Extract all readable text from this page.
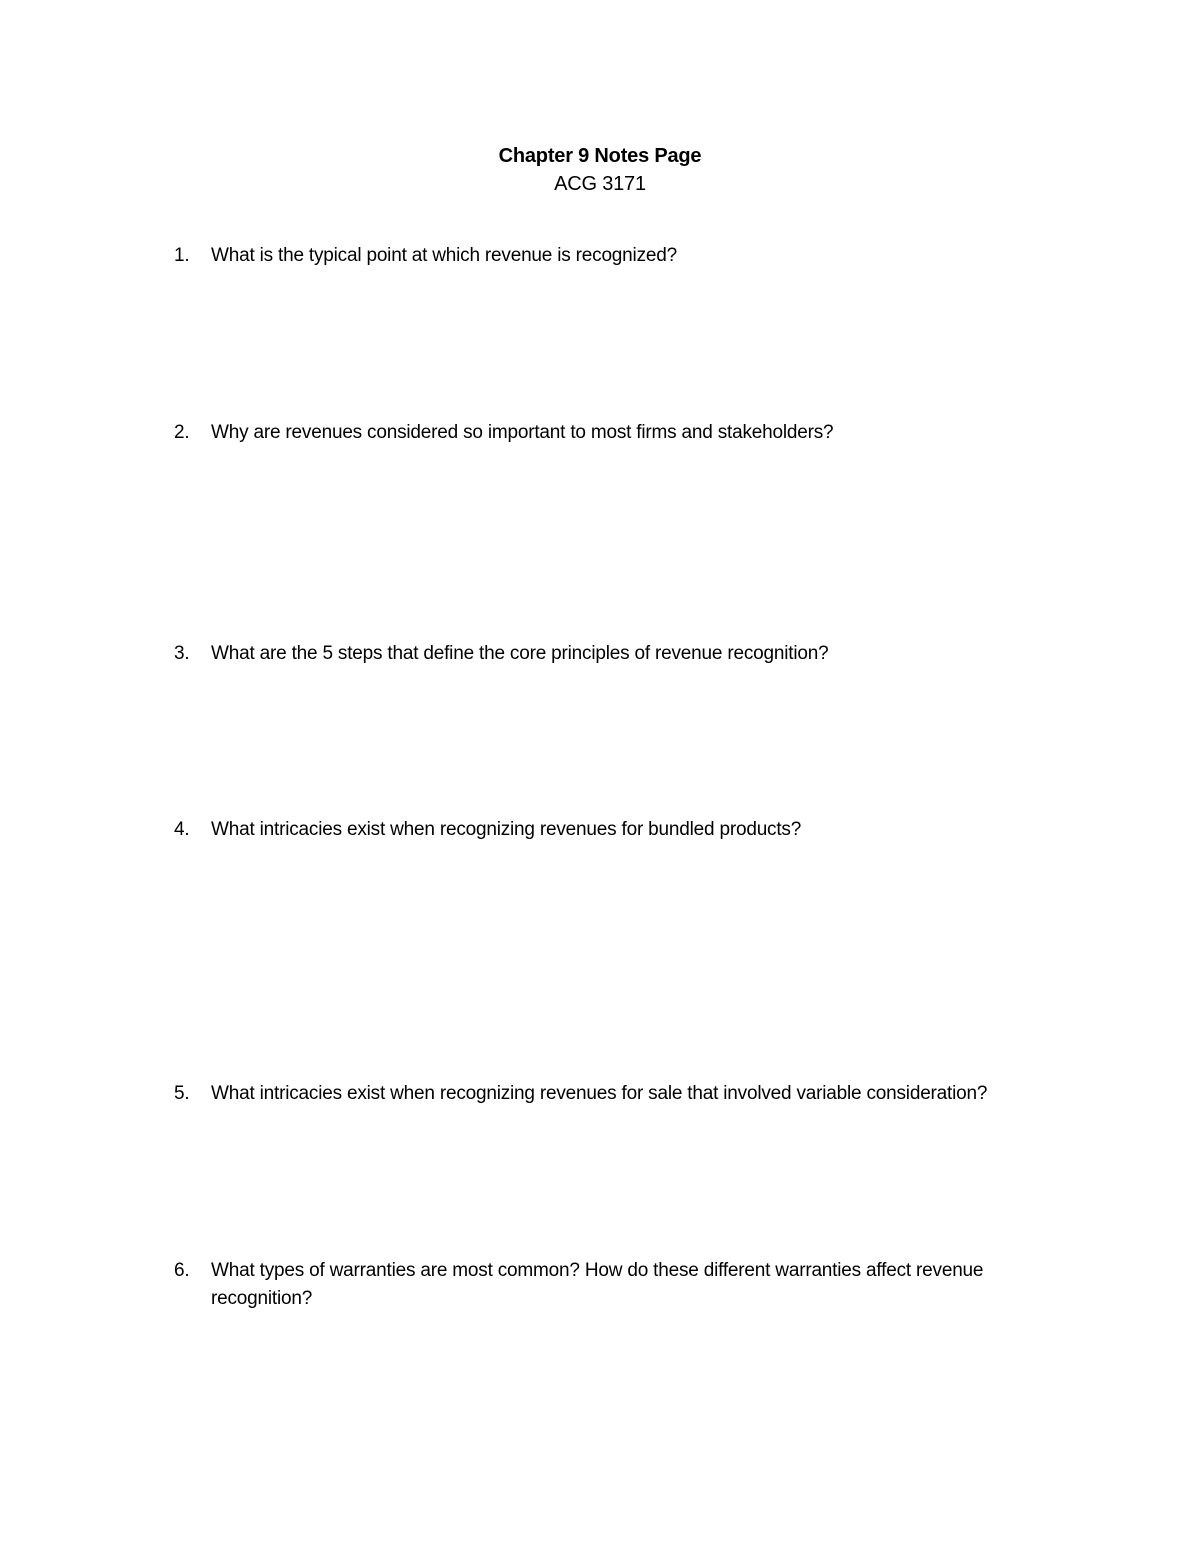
Chapter 9 Notes Page
ACG 3171
1. What is the typical point at which revenue is recognized?
2. Why are revenues considered so important to most firms and stakeholders?
3. What are the 5 steps that define the core principles of revenue recognition?
4. What intricacies exist when recognizing revenues for bundled products?
5. What intricacies exist when recognizing revenues for sale that involved variable consideration?
6. What types of warranties are most common? How do these different warranties affect revenue recognition?
